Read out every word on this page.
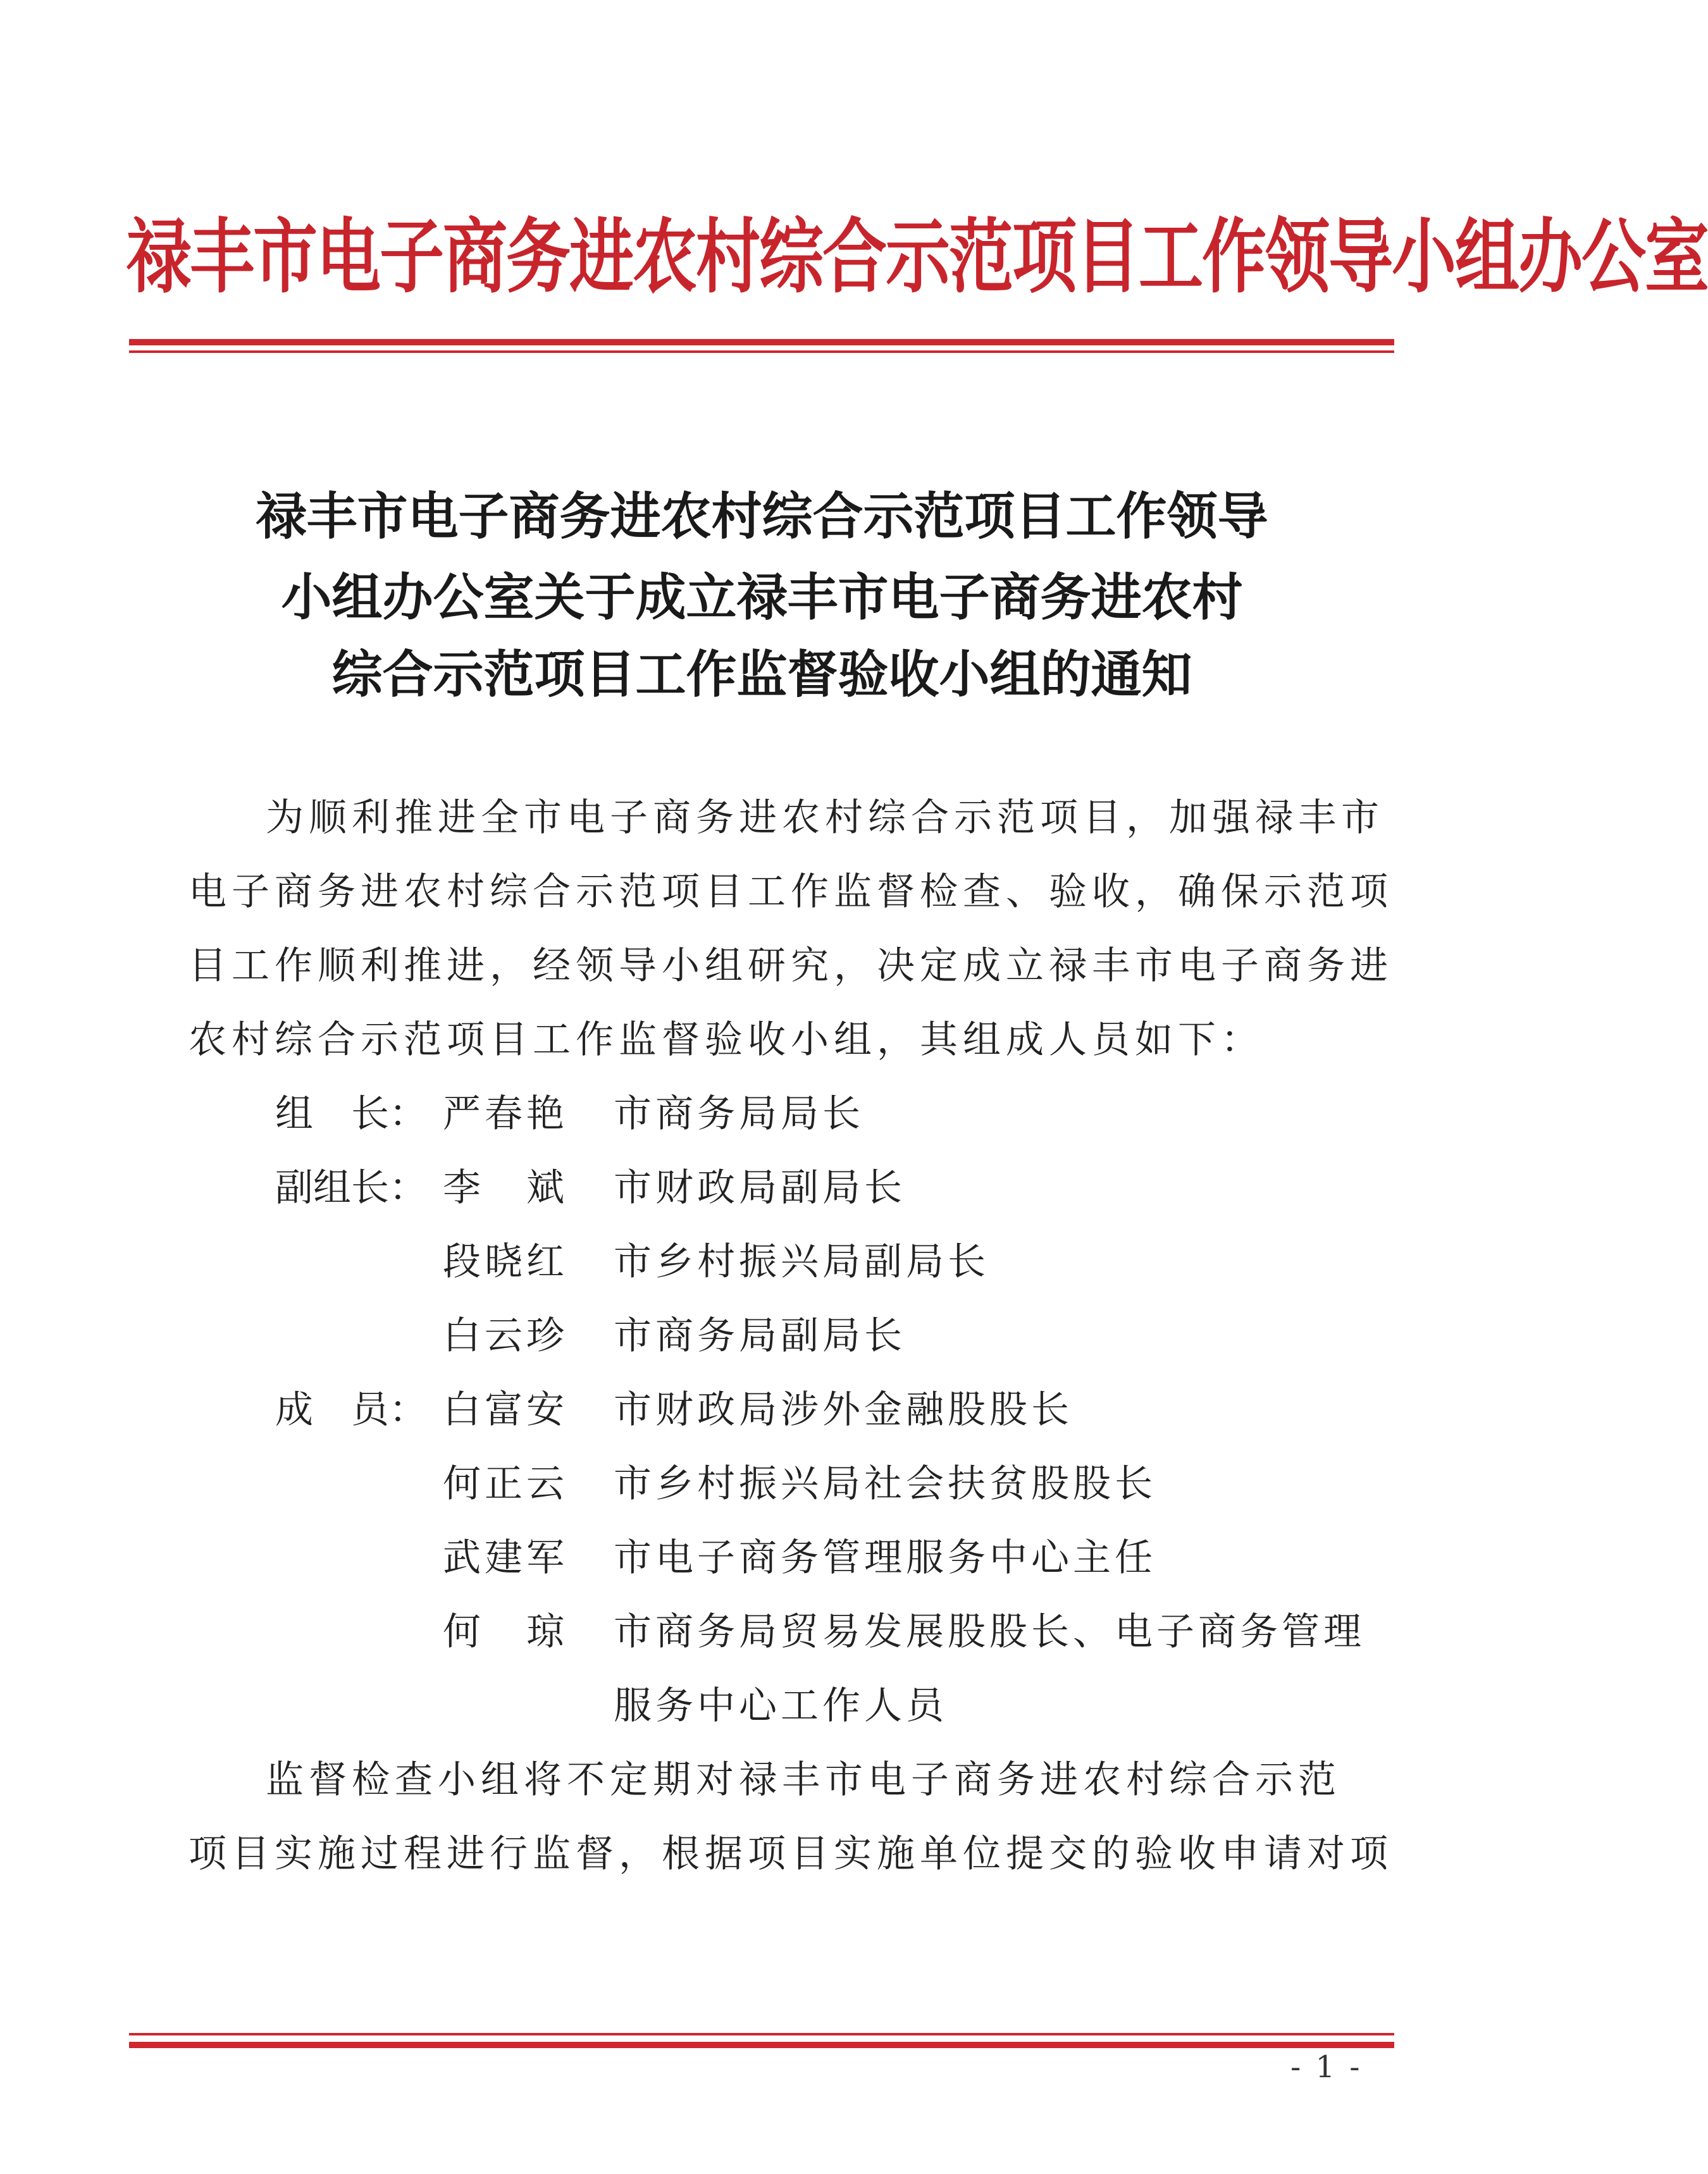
禄丰市电子商务进农村综合示范项目工作领导小组办公室
禄丰市电子商务进农村综合示范项目工作领导
小组办公室关于成立禄丰市电子商务进农村
综合示范项目工作监督验收小组的通知
为顺利推进全市电子商务进农村综合示范项目，加强禄丰市
电子商务进农村综合示范项目工作监督检查、验收，确保示范项
目工作顺利推进，经领导小组研究，决定成立禄丰市电子商务进
农村综合示范项目工作监督验收小组，其组成人员如下：
组　长： 严春艳 市商务局局长
副组长： 李　斌 市财政局副局长
段晓红 市乡村振兴局副局长
白云珍 市商务局副局长
成　员： 白富安 市财政局涉外金融股股长
何正云 市乡村振兴局社会扶贫股股长
武建军 市电子商务管理服务中心主任
何　琼 市商务局贸易发展股股长、电子商务管理
服务中心工作人员
监督检查小组将不定期对禄丰市电子商务进农村综合示范
项目实施过程进行监督，根据项目实施单位提交的验收申请对项
- 1 -
